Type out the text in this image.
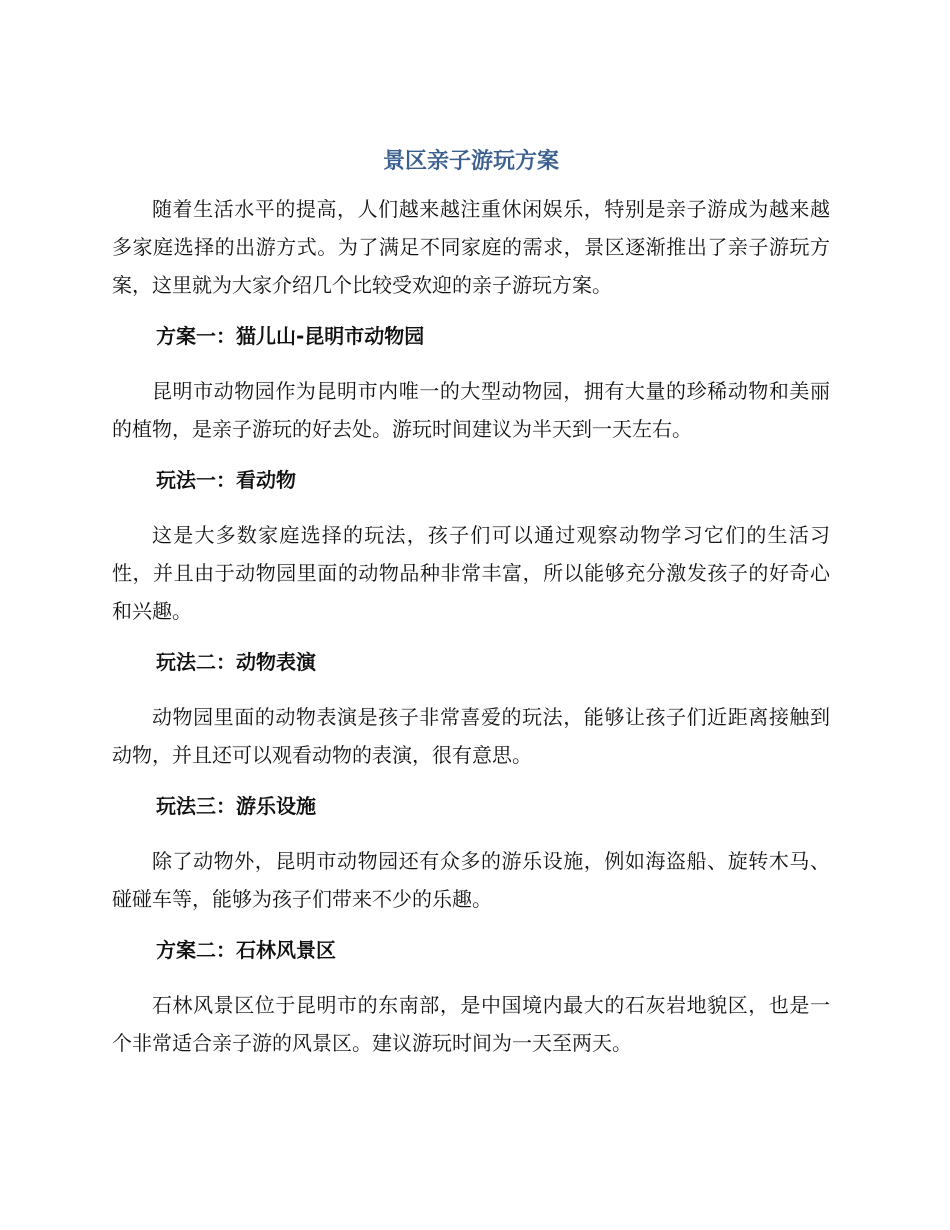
景区亲子游玩方案

随着生活水平的提高，人们越来越注重休闲娱乐，特别是亲子游成为越来越多家庭选择的出游方式。为了满足不同家庭的需求，景区逐渐推出了亲子游玩方案，这里就为大家介绍几个比较受欢迎的亲子游玩方案。

方案一：猫儿山-昆明市动物园

昆明市动物园作为昆明市内唯一的大型动物园，拥有大量的珍稀动物和美丽的植物，是亲子游玩的好去处。游玩时间建议为半天到一天左右。

玩法一：看动物

这是大多数家庭选择的玩法，孩子们可以通过观察动物学习它们的生活习性，并且由于动物园里面的动物品种非常丰富，所以能够充分激发孩子的好奇心和兴趣。

玩法二：动物表演

动物园里面的动物表演是孩子非常喜爱的玩法，能够让孩子们近距离接触到动物，并且还可以观看动物的表演，很有意思。

玩法三：游乐设施

除了动物外，昆明市动物园还有众多的游乐设施，例如海盗船、旋转木马、碰碰车等，能够为孩子们带来不少的乐趣。

方案二：石林风景区

石林风景区位于昆明市的东南部，是中国境内最大的石灰岩地貌区，也是一个非常适合亲子游的风景区。建议游玩时间为一天至两天。
